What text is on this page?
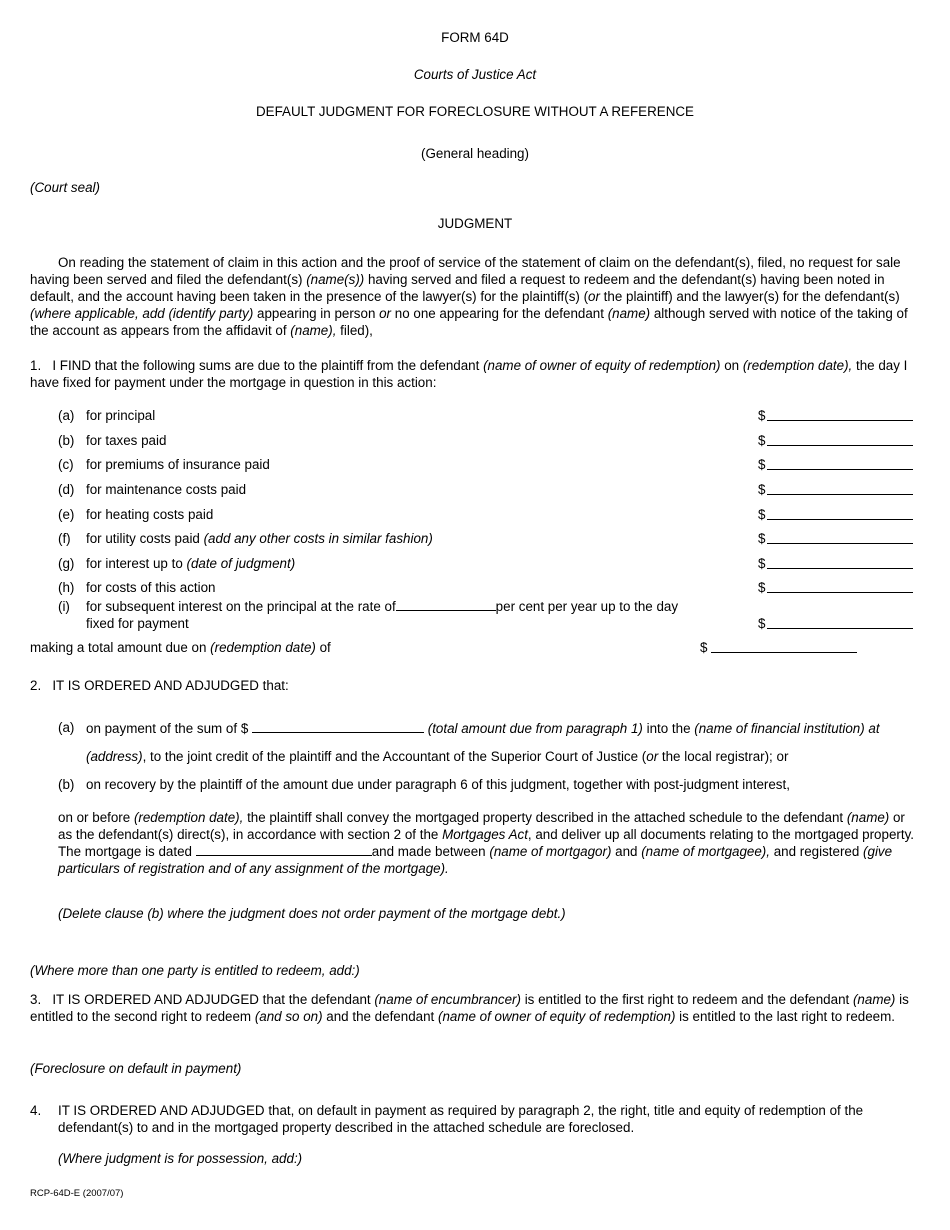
FORM 64D
Courts of Justice Act
DEFAULT JUDGMENT FOR FORECLOSURE WITHOUT A REFERENCE
(General heading)
(Court seal)
JUDGMENT
On reading the statement of claim in this action and the proof of service of the statement of claim on the defendant(s), filed, no request for sale having been served and filed the defendant(s) (name(s)) having served and filed a request to redeem and the defendant(s) having been noted in default, and the account having been taken in the presence of the lawyer(s) for the plaintiff(s) (or the plaintiff) and the lawyer(s) for the defendant(s) (where applicable, add (identify party) appearing in person or no one appearing for the defendant (name) although served with notice of the taking of the account as appears from the affidavit of (name), filed),
1.   I FIND that the following sums are due to the plaintiff from the defendant (name of owner of equity of redemption) on (redemption date), the day I have fixed for payment under the mortgage in question in this action:
(a) for principal	$
(b) for taxes paid	$
(c) for premiums of insurance paid	$
(d) for maintenance costs paid	$
(e) for heating costs paid	$
(f) for utility costs paid (add any other costs in similar fashion)	$
(g) for interest up to (date of judgment)	$
(h) for costs of this action	$
(i) for subsequent interest on the principal at the rate of	per cent per year up to the day
fixed for payment	$
making a total amount due on (redemption date) of	$
2.   IT IS ORDERED AND ADJUDGED that:
(a) on payment of the sum of $	(total amount due from paragraph 1) into the (name of financial institution) at
(address), to the joint credit of the plaintiff and the Accountant of the Superior Court of Justice (or the local registrar); or
(b) on recovery by the plaintiff of the amount due under paragraph 6 of this judgment, together with post-judgment interest,
on or before (redemption date), the plaintiff shall convey the mortgaged property described in the attached schedule to the defendant (name) or as the defendant(s) direct(s), in accordance with section 2 of the Mortgages Act, and deliver up all documents relating to the mortgaged property. The mortgage is dated	and made between (name of mortgagor) and (name of mortgagee), and registered (give particulars of registration and of any assignment of the mortgage).
(Delete clause (b) where the judgment does not order payment of the mortgage debt.)
(Where more than one party is entitled to redeem, add:)
3.   IT IS ORDERED AND ADJUDGED that the defendant (name of encumbrancer) is entitled to the first right to redeem and the defendant (name) is entitled to the second right to redeem (and so on) and the defendant (name of owner of equity of redemption) is entitled to the last right to redeem.
(Foreclosure on default in payment)
4. IT IS ORDERED AND ADJUDGED that, on default in payment as required by paragraph 2, the right, title and equity of redemption of the defendant(s) to and in the mortgaged property described in the attached schedule are foreclosed.
(Where judgment is for possession, add:)
RCP-64D-E (2007/07)
